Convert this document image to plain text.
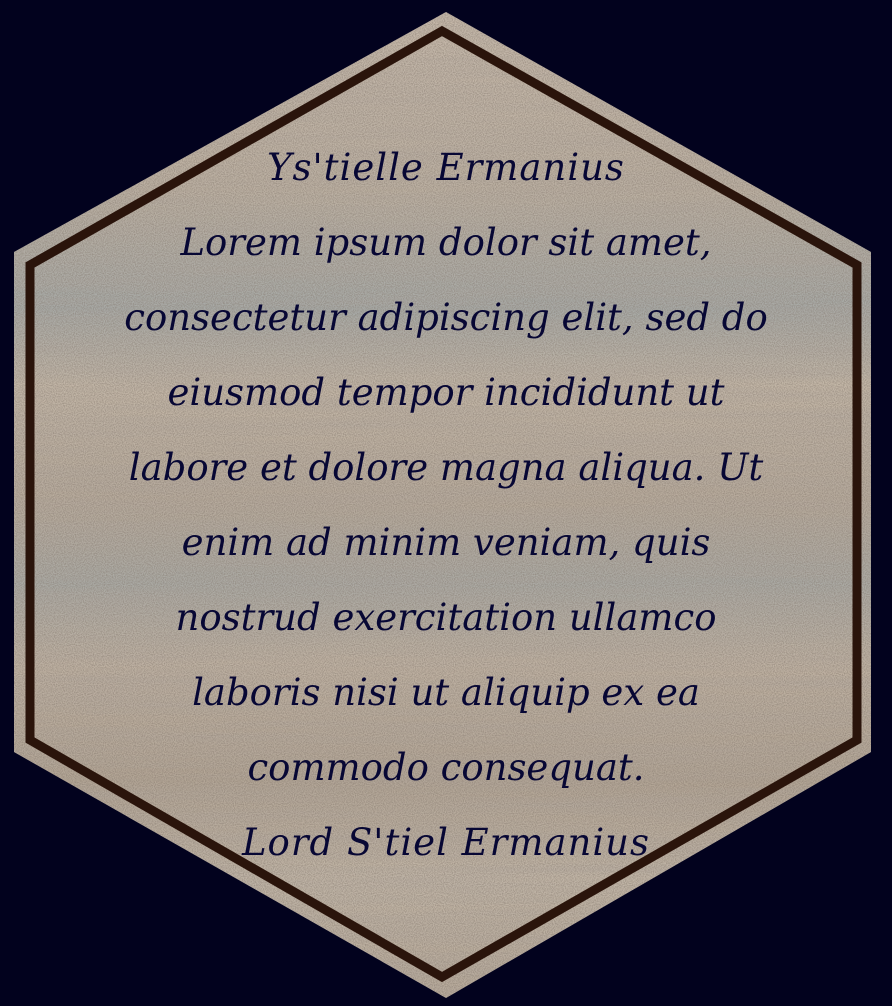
Ys'tielle Ermanius
Lorem ipsum dolor sit amet,
consectetur adipiscing elit, sed do
eiusmod tempor incididunt ut
labore et dolore magna aliqua. Ut
enim ad minim veniam, quis
nostrud exercitation ullamco
laboris nisi ut aliquip ex ea
commodo consequat.
Lord S'tiel Ermanius
